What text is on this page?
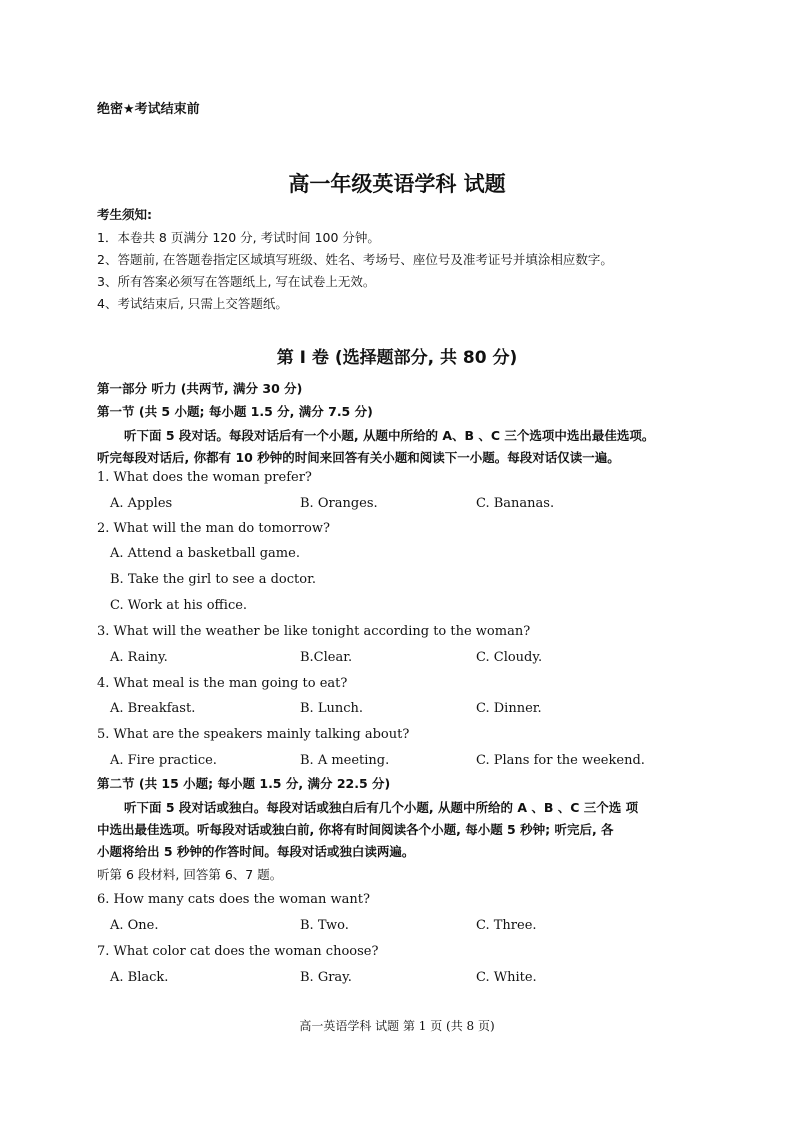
绝密★考试结束前
高一年级英语学科 试题
考生须知:
1．本卷共 8 页满分 120 分, 考试时间 100 分钟。
2、答题前, 在答题卷指定区域填写班级、姓名、考场号、座位号及准考证号并填涂相应数字。
3、所有答案必须写在答题纸上, 写在试卷上无效。
4、考试结束后, 只需上交答题纸。
第 I 卷 (选择题部分, 共 80 分)
第一部分 听力 (共两节, 满分 30 分)
第一节 (共 5 小题; 每小题 1.5 分, 满分 7.5 分)
听下面 5 段对话。每段对话后有一个小题, 从题中所给的 A、B 、C 三个选项中选出最佳选项。
听完每段对话后, 你都有 10 秒钟的时间来回答有关小题和阅读下一小题。每段对话仅读一遍。
1. What does the woman prefer?
A. Apples	B. Oranges.	C. Bananas.
2. What will the man do tomorrow?
A. Attend a basketball game.
B. Take the girl to see a doctor.
C. Work at his office.
3. What will the weather be like tonight according to the woman?
A. Rainy.	B.Clear.	C. Cloudy.
4. What meal is the man going to eat?
A. Breakfast.	B. Lunch.	C. Dinner.
5. What are the speakers mainly talking about?
A. Fire practice.	B. A meeting.	C. Plans for the weekend.
第二节 (共 15 小题; 每小题 1.5 分, 满分 22.5 分)
听下面 5 段对话或独白。每段对话或独白后有几个小题, 从题中所给的 A 、B 、C 三个选 项
中选出最佳选项。听每段对话或独白前, 你将有时间阅读各个小题, 每小题 5 秒钟; 听完后, 各
小题将给出 5 秒钟的作答时间。每段对话或独白读两遍。
听第 6 段材料, 回答第 6、7 题。
6. How many cats does the woman want?
A. One.	B. Two.	C. Three.
7. What color cat does the woman choose?
A. Black.	B. Gray.	C. White.
高一英语学科 试题 第 1 页 (共 8 页)
